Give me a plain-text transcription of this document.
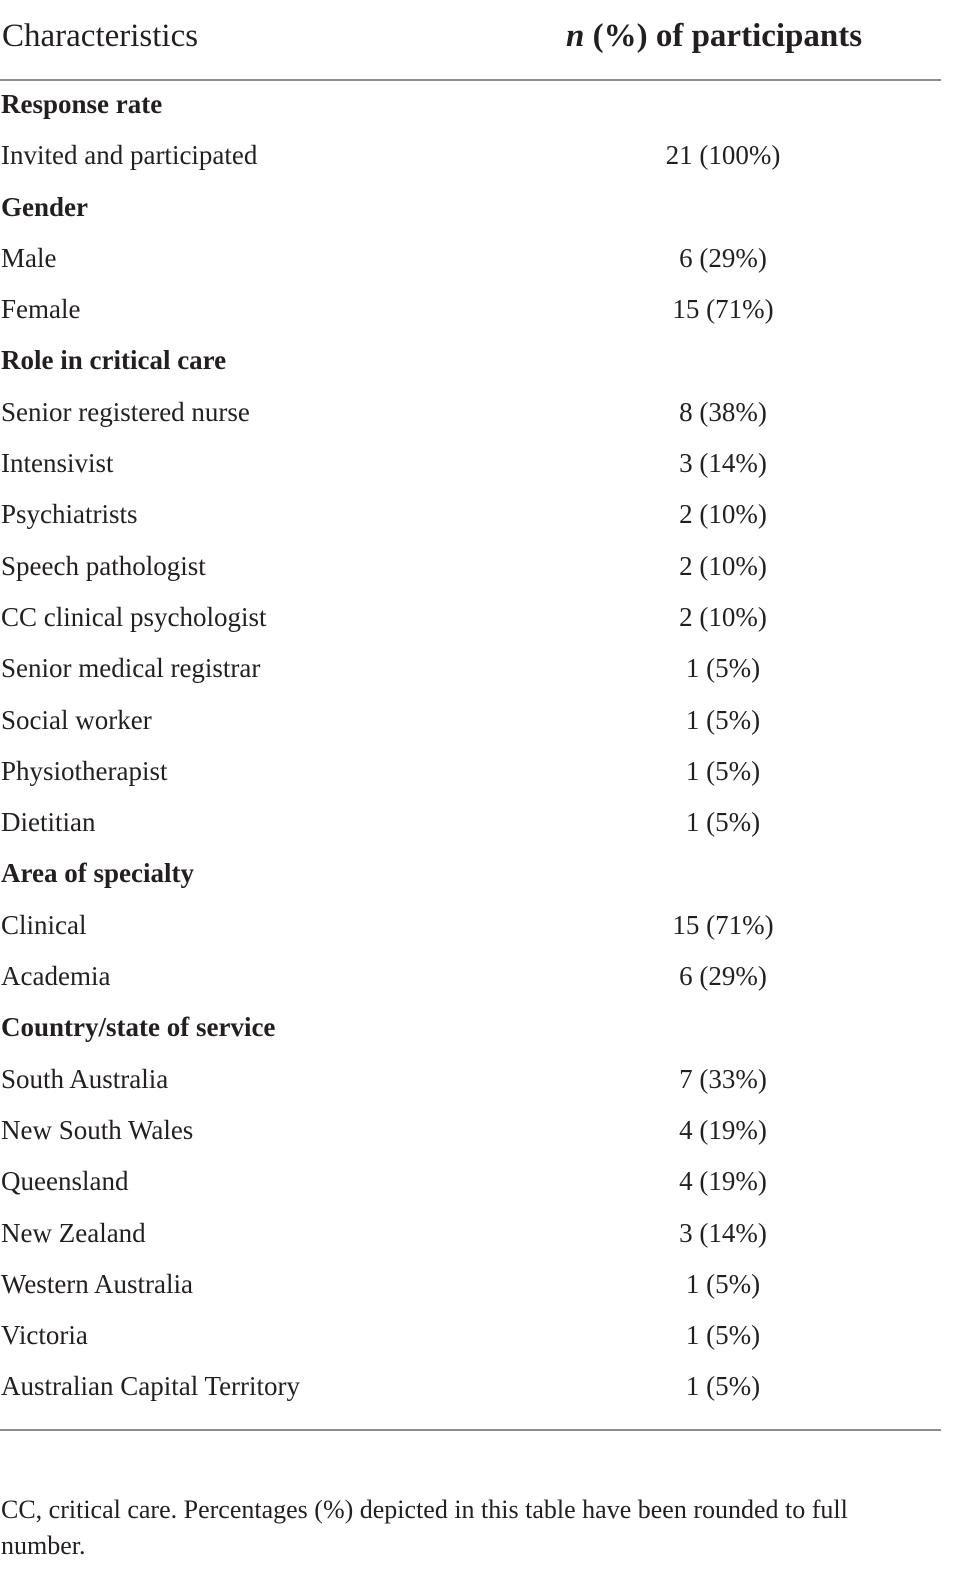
Characteristics	n (%) of participants
Response rate
Invited and participated	21 (100%)
Gender
Male	6 (29%)
Female	15 (71%)
Role in critical care
Senior registered nurse	8 (38%)
Intensivist	3 (14%)
Psychiatrists	2 (10%)
Speech pathologist	2 (10%)
CC clinical psychologist	2 (10%)
Senior medical registrar	1 (5%)
Social worker	1 (5%)
Physiotherapist	1 (5%)
Dietitian	1 (5%)
Area of specialty
Clinical	15 (71%)
Academia	6 (29%)
Country/state of service
South Australia	7 (33%)
New South Wales	4 (19%)
Queensland	4 (19%)
New Zealand	3 (14%)
Western Australia	1 (5%)
Victoria	1 (5%)
Australian Capital Territory	1 (5%)
CC, critical care. Percentages (%) depicted in this table have been rounded to full number.
